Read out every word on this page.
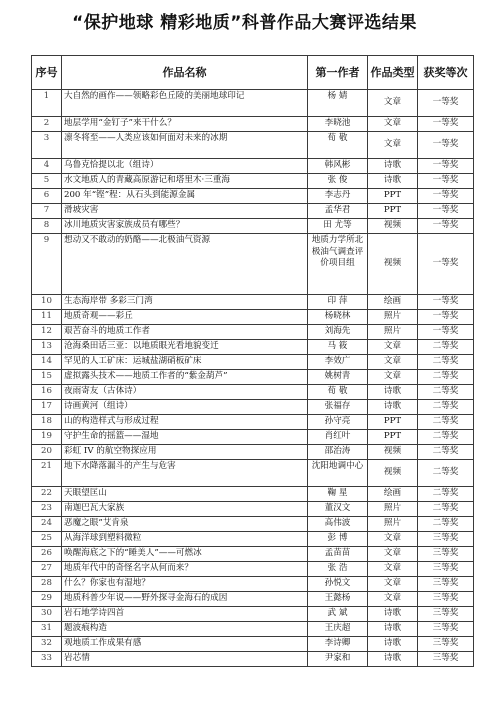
“保护地球 精彩地质”科普作品大赛评选结果
序号	作品名称	第一作者	作品类型	获奖等次
1	大自然的画作——领略彩色丘陵的美丽地球印记	杨 婧	文章	一等奖
2	地层学用“金钉子”来干什么？	李晓池	文章	一等奖
3	凛冬将至——人类应该如何面对未来的冰期	荀 敬	文章	一等奖
4	乌鲁克恰提以北（组诗）	韩风彬	诗歌	一等奖
5	水文地质人的青藏高原游记和塔里木·三重海	张 俊	诗歌	一等奖
6	200 年“铿”程：从石头到能源金属	李志丹	PPT	一等奖
7	滑坡灾害	孟华君	PPT	一等奖
8	冰川地质灾害家族成员有哪些？	田 尤等	视频	一等奖
9	想动又不敢动的奶酪——北极油气资源	地质力学所北极油气调查评价项目组	视频	一等奖
10	生态海岸带 多彩三门湾	印 萍	绘画	一等奖
11	地质奇观——彩丘	杨晓林	照片	一等奖
12	艰苦奋斗的地质工作者	刘海先	照片	一等奖
13	沧海桑田话三亚：以地质眼光看地貌变迁	马 筱	文章	二等奖
14	罕见的人工矿床：运城盐湖硝板矿床	李效广	文章	二等奖
15	虚拟露头技术——地质工作者的“紫金葫芦”	姚树青	文章	二等奖
16	夜雨寄友（古体诗）	荀 敬	诗歌	二等奖
17	诗画黄河（组诗）	张福存	诗歌	二等奖
18	山的构造样式与形成过程	孙守亮	PPT	二等奖
19	守护生命的摇篮——湿地	肖红叶	PPT	二等奖
20	彩虹 IV 的航空物探应用	邵治涛	视频	二等奖
21	地下水降落漏斗的产生与危害	沈阳地调中心	视频	二等奖
22	天眼望匡山	鞠 星	绘画	二等奖
23	南迦巴瓦大家族	董汉文	照片	二等奖
24	恶魔之眼”艾肯泉	高伟波	照片	二等奖
25	从海洋球到塑料微粒	彭 博	文章	三等奖
26	唤醒海底之下的“睡美人”——可燃冰	孟苗苗	文章	三等奖
27	地质年代中的奇怪名字从何而来？	张 浩	文章	三等奖
28	什么？你家也有湿地？	孙悦文	文章	三等奖
29	地质科普少年说——野外探寻金海石的成因	王懿杨	文章	三等奖
30	岩石地学诗四首	武 斌	诗歌	三等奖
31	题波痕构造	王庆超	诗歌	三等奖
32	观地质工作成果有感	李诗卿	诗歌	三等奖
33	岩芯情	尹家和	诗歌	三等奖
